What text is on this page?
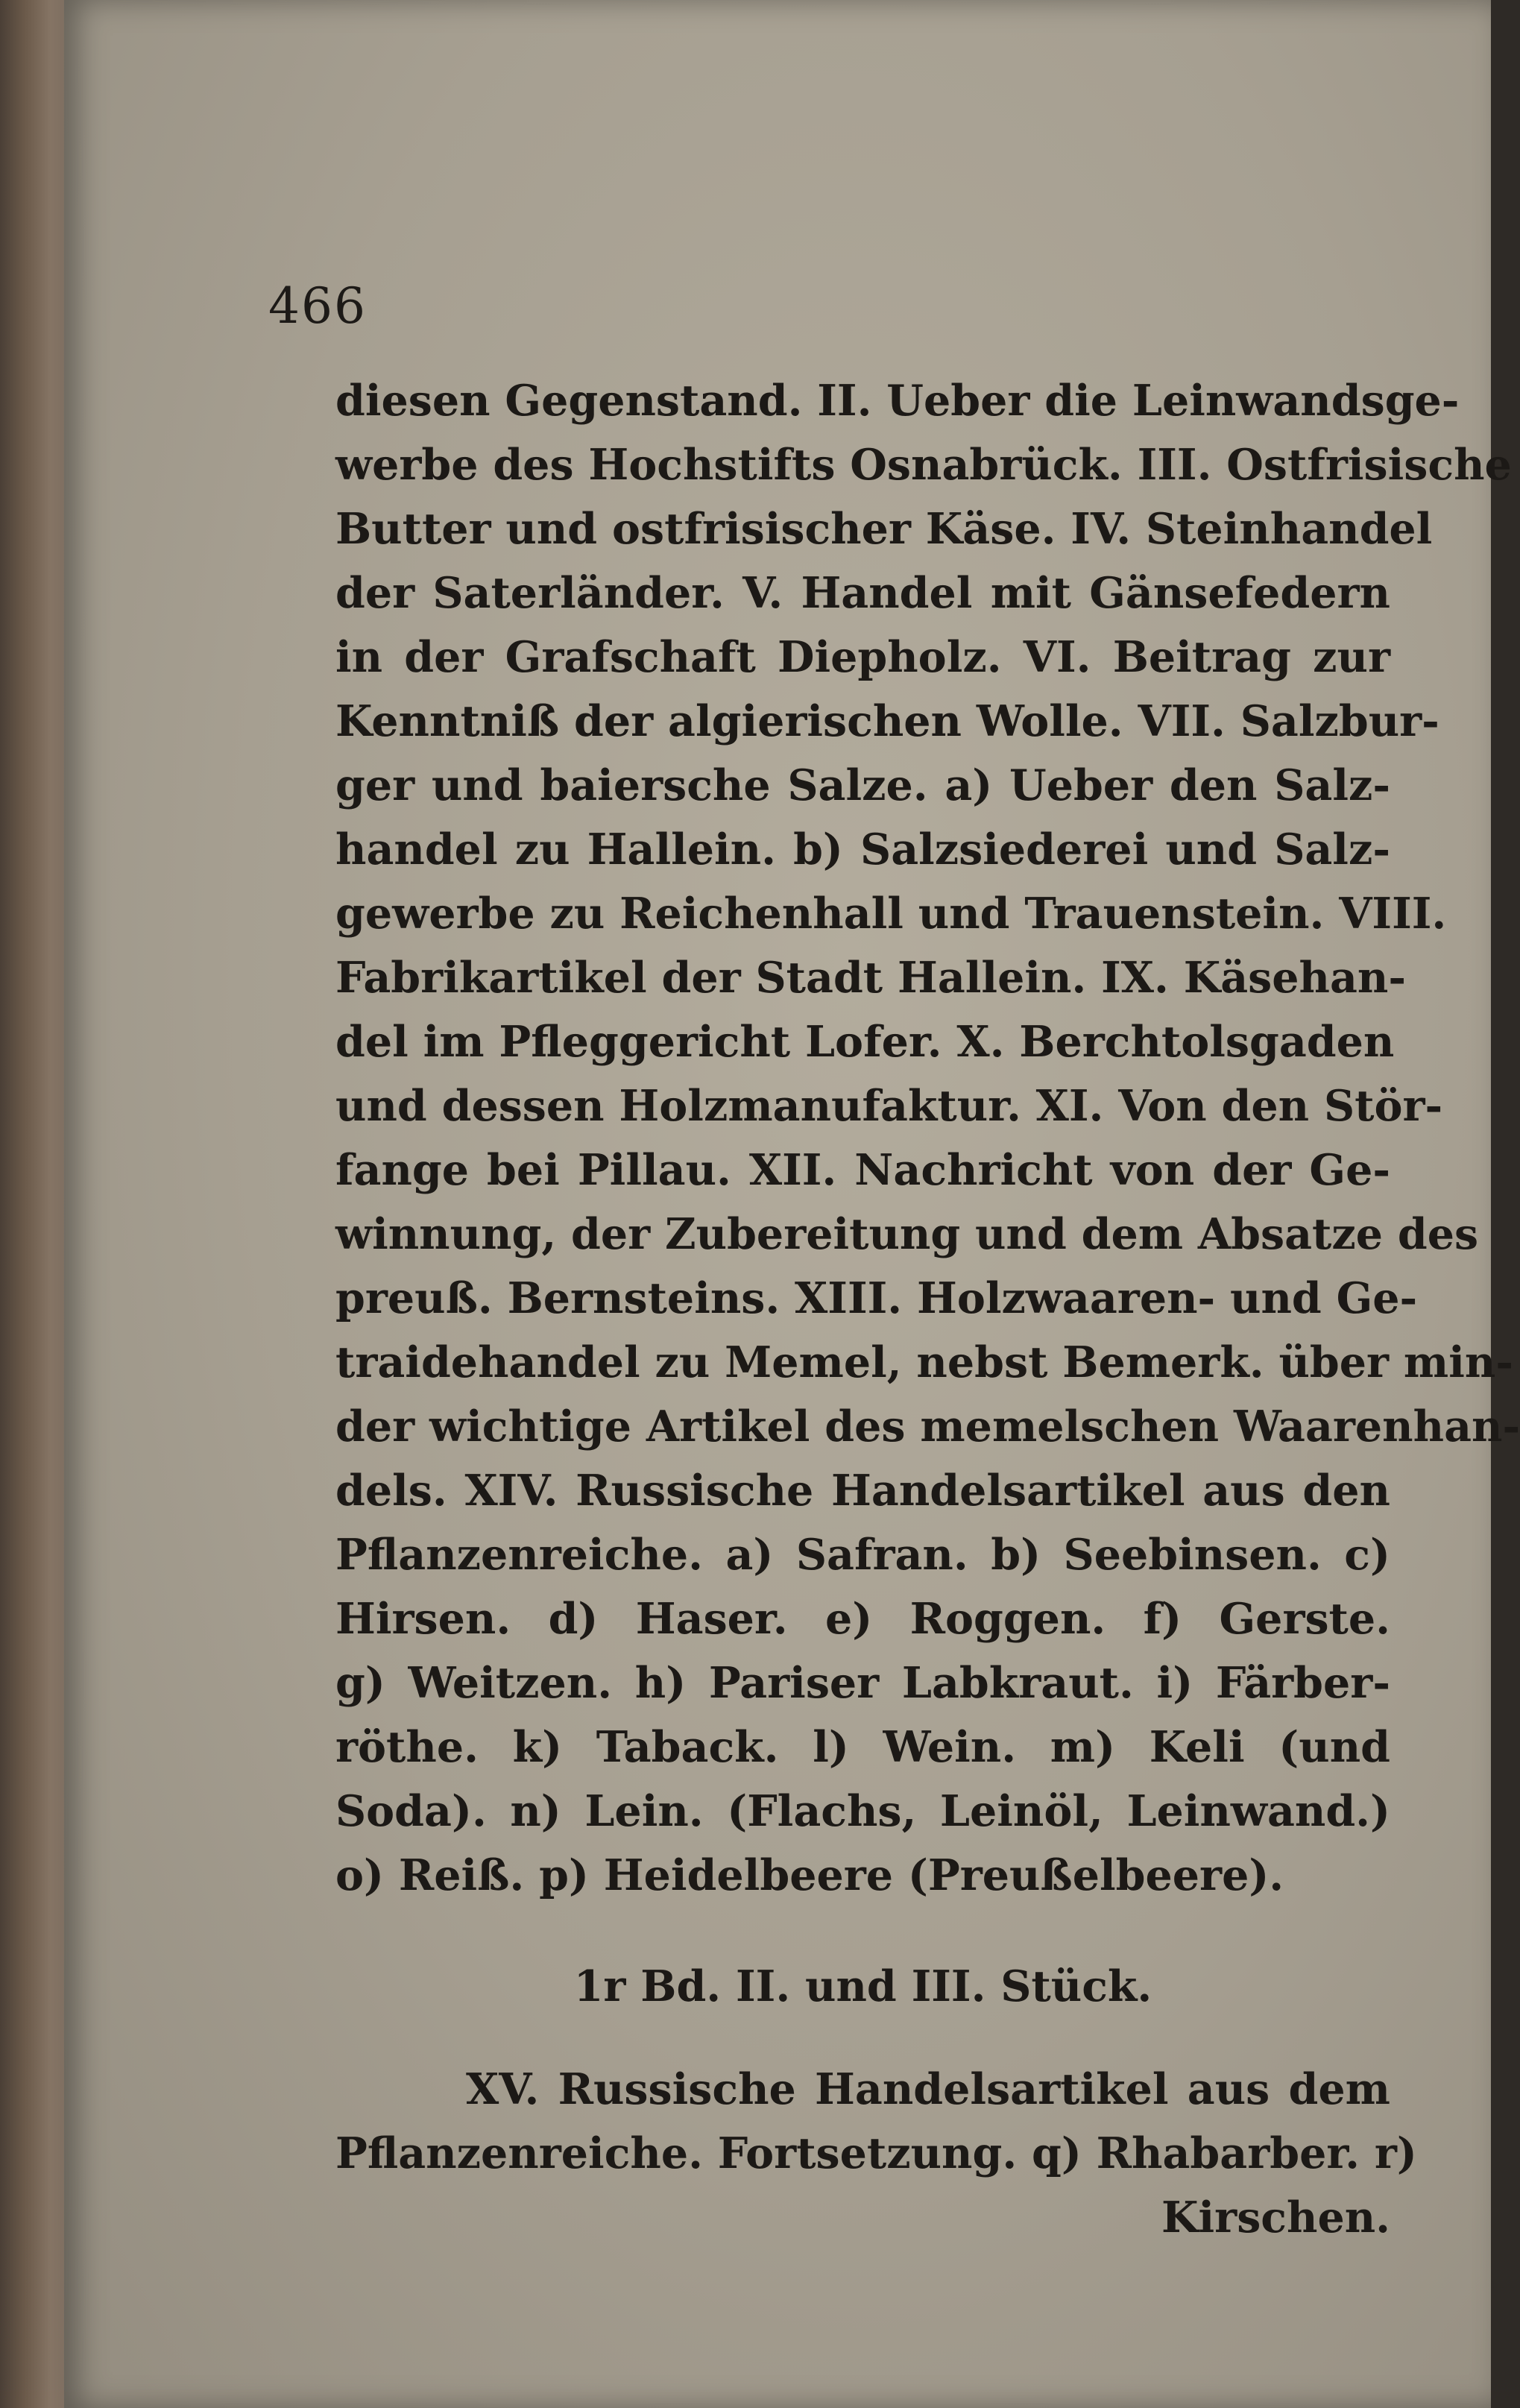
466
diesen Gegenstand. II. Ueber die Leinwandsge-
werbe des Hochstifts Osnabrück. III. Ostfrisische
Butter und ostfrisischer Käse. IV. Steinhandel
der Saterländer. V. Handel mit Gänsefedern
in der Grafschaft Diepholz. VI. Beitrag zur
Kenntniß der algierischen Wolle. VII. Salzbur-
ger und baiersche Salze. a) Ueber den Salz-
handel zu Hallein. b) Salzsiederei und Salz-
gewerbe zu Reichenhall und Trauenstein. VIII.
Fabrikartikel der Stadt Hallein. IX. Käsehan-
del im Pfleggericht Lofer. X. Berchtolsgaden
und dessen Holzmanufaktur. XI. Von den Stör-
fange bei Pillau. XII. Nachricht von der Ge-
winnung, der Zubereitung und dem Absatze des
preuß. Bernsteins. XIII. Holzwaaren- und Ge-
traidehandel zu Memel, nebst Bemerk. über min-
der wichtige Artikel des memelschen Waarenhan-
dels. XIV. Russische Handelsartikel aus den
Pflanzenreiche. a) Safran. b) Seebinsen. c)
Hirsen. d) Haser. e) Roggen. f) Gerste.
g) Weitzen. h) Pariser Labkraut. i) Färber-
röthe. k) Taback. l) Wein. m) Keli (und
Soda). n) Lein. (Flachs, Leinöl, Leinwand.)
o) Reiß. p) Heidelbeere (Preußelbeere).
1r Bd. II. und III. Stück.
XV. Russische Handelsartikel aus dem
Pflanzenreiche. Fortsetzung. q) Rhabarber. r)
Kirschen.
